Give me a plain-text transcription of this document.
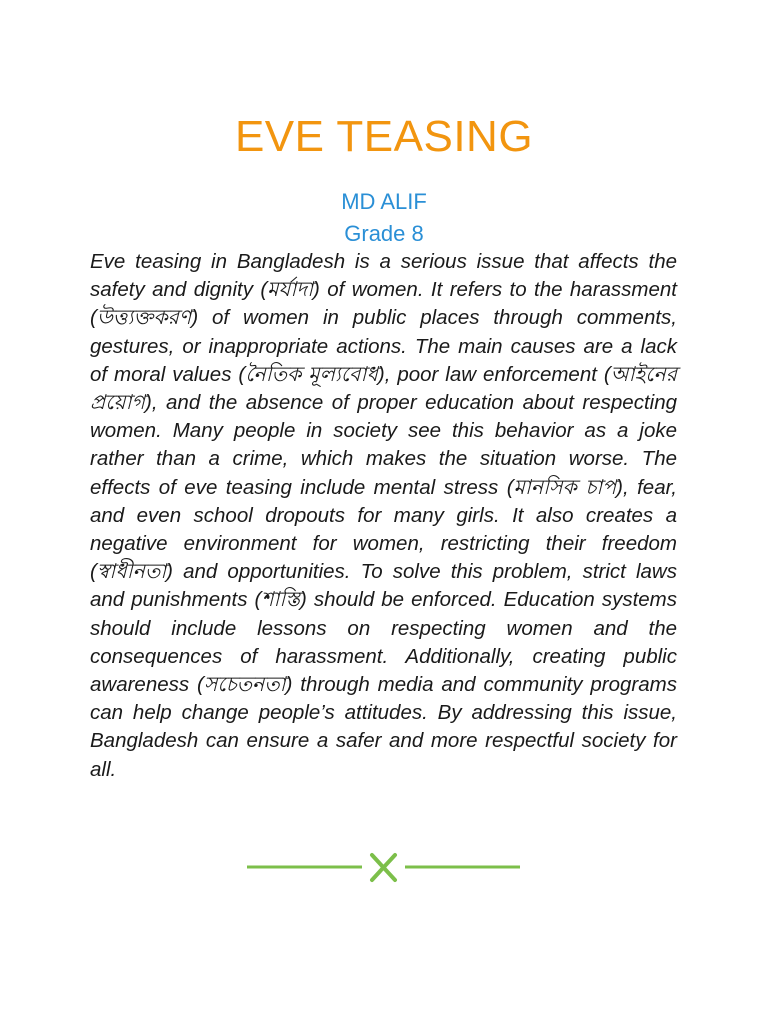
EVE TEASING
MD ALIF
Grade 8

Eve teasing in Bangladesh is a serious issue that affects the safety and dignity (মর্যাদা) of women. It refers to the harassment (উত্ত্যক্তকরণ) of women in public places through comments, gestures, or inappropriate actions. The main causes are a lack of moral values (নৈতিক মূল্যবোধ), poor law enforcement (আইনের প্রয়োগ), and the absence of proper education about respecting women. Many people in society see this behavior as a joke rather than a crime, which makes the situation worse. The effects of eve teasing include mental stress (মানসিক চাপ), fear, and even school dropouts for many girls. It also creates a negative environment for women, restricting their freedom (স্বাধীনতা) and opportunities. To solve this problem, strict laws and punishments (শাস্তি) should be enforced. Education systems should include lessons on respecting women and the consequences of harassment. Additionally, creating public awareness (সচেতনতা) through media and community programs can help change people’s attitudes. By addressing this issue, Bangladesh can ensure a safer and more respectful society for all.
